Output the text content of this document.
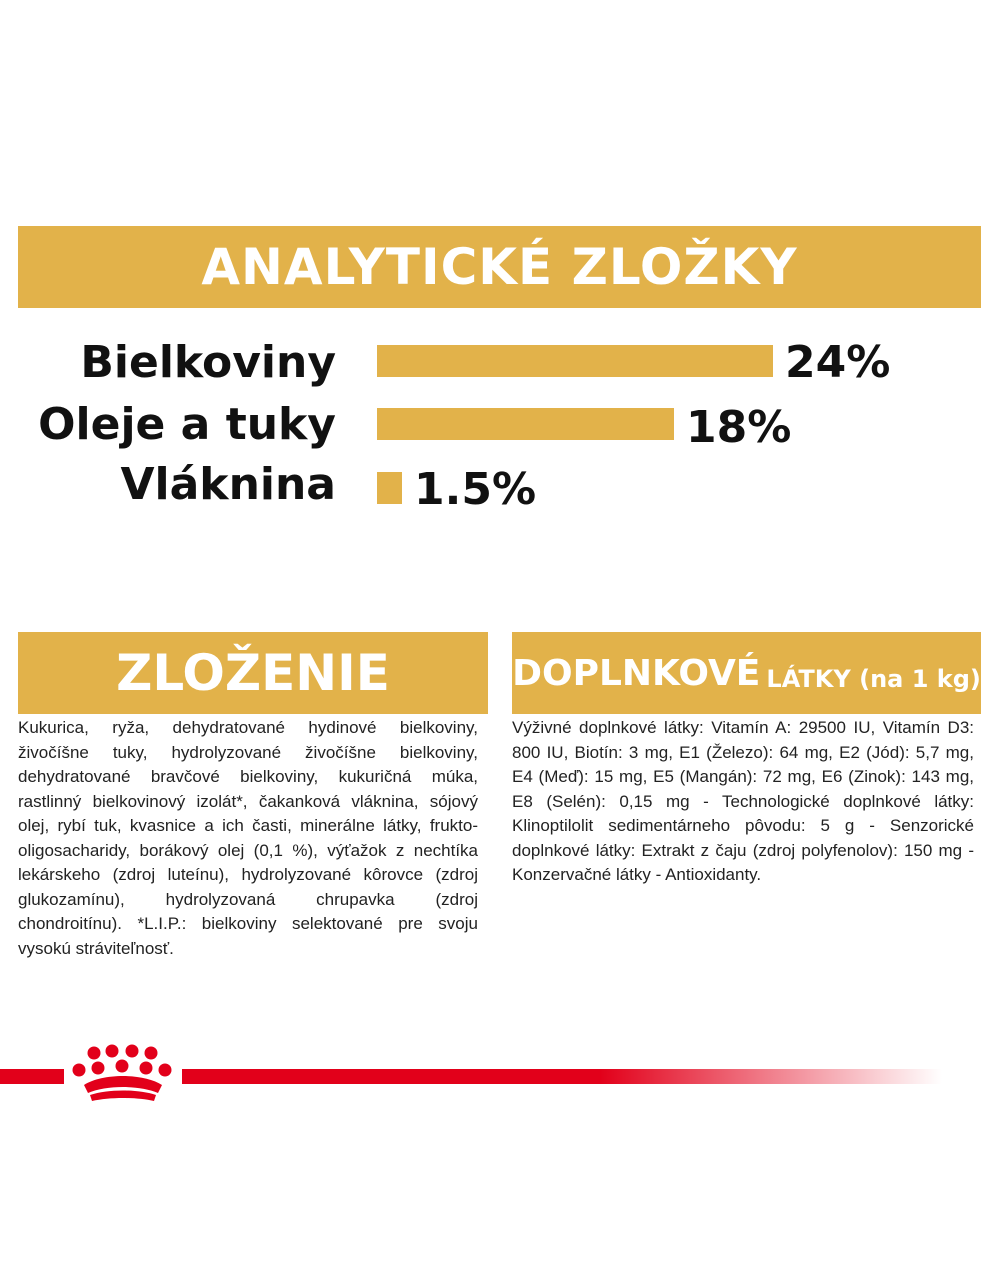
ANALYTICKÉ ZLOŽKY
Bielkoviny	24%
Oleje a tuky	18%
Vláknina 1.5%
ZLOŽENIE
Kukurica, ryža, dehydratované hydinové bielkoviny, živočíšne tuky, hydrolyzované živočíšne bielkoviny, dehydratované bravčové bielkoviny, kukuričná múka, rastlinný bielkovinový izolát*, čakanková vláknina, sójový olej, rybí tuk, kvasnice a ich časti, minerálne látky, frukto-oligosacharidy, borákový olej (0,1 %), výťažok z nechtíka lekárskeho (zdroj luteínu), hydrolyzované kôrovce (zdroj glukozamínu), hydrolyzovaná chrupavka (zdroj chondroitínu). *L.I.P.: bielkoviny selektované pre svoju vysokú stráviteľnosť.
DOPLNKOVÉ LÁTKY (na 1 kg)
Výživné doplnkové látky: Vitamín A: 29500 IU, Vitamín D3: 800 IU, Biotín: 3 mg, E1 (Železo): 64 mg, E2 (Jód): 5,7 mg, E4 (Meď): 15 mg, E5 (Mangán): 72 mg, E6 (Zinok): 143 mg, E8 (Selén): 0,15 mg - Technologické doplnkové látky: Klinoptilolit sedimentárneho pôvodu: 5 g - Senzorické doplnkové látky: Extrakt z čaju (zdroj polyfenolov): 150 mg - Konzervačné látky - Antioxidanty.
